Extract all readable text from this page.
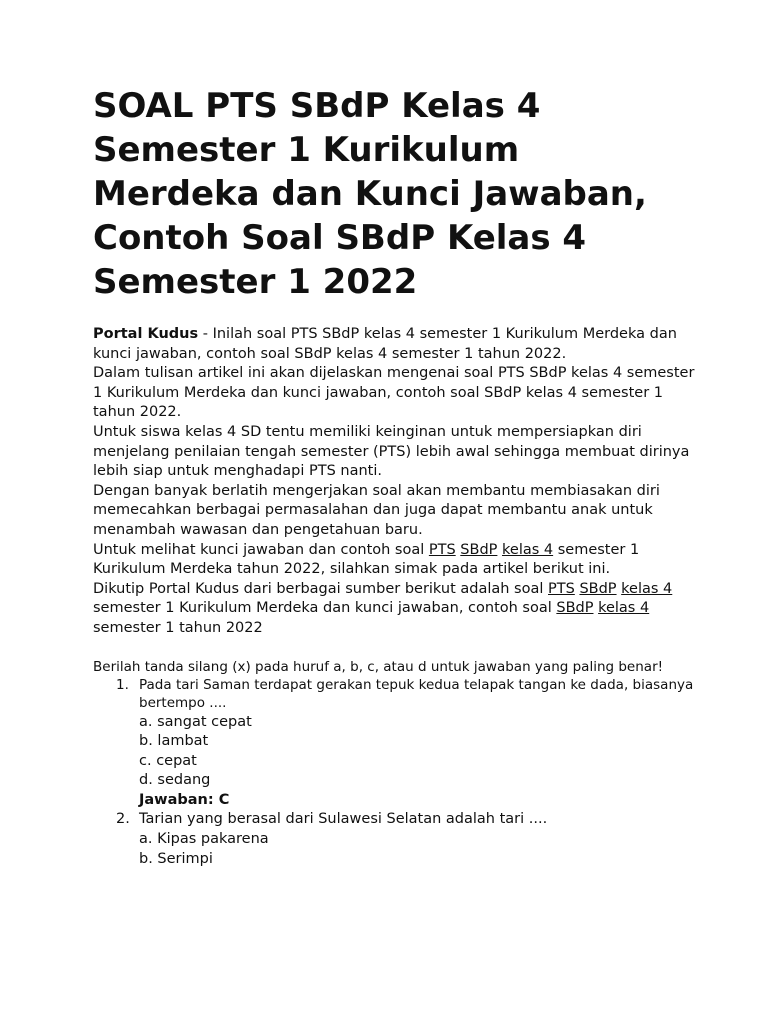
SOAL PTS SBdP Kelas 4 Semester 1 Kurikulum Merdeka dan Kunci Jawaban, Contoh Soal SBdP Kelas 4 Semester 1 2022

Portal Kudus - Inilah soal PTS SBdP kelas 4 semester 1 Kurikulum Merdeka dan kunci jawaban, contoh soal SBdP kelas 4 semester 1 tahun 2022.

Dalam tulisan artikel ini akan dijelaskan mengenai soal PTS SBdP kelas 4 semester 1 Kurikulum Merdeka dan kunci jawaban, contoh soal SBdP kelas 4 semester 1 tahun 2022.

Untuk siswa kelas 4 SD tentu memiliki keinginan untuk mempersiapkan diri menjelang penilaian tengah semester (PTS) lebih awal sehingga membuat dirinya lebih siap untuk menghadapi PTS nanti.

Dengan banyak berlatih mengerjakan soal akan membantu membiasakan diri memecahkan berbagai permasalahan dan juga dapat membantu anak untuk menambah wawasan dan pengetahuan baru.

Untuk melihat kunci jawaban dan contoh soal PTS SBdP kelas 4 semester 1 Kurikulum Merdeka tahun 2022, silahkan simak pada artikel berikut ini.

Dikutip Portal Kudus dari berbagai sumber berikut adalah soal PTS SBdP kelas 4 semester 1 Kurikulum Merdeka dan kunci jawaban, contoh soal SBdP kelas 4 semester 1 tahun 2022

Berilah tanda silang (x) pada huruf a, b, c, atau d untuk jawaban yang paling benar!
1. Pada tari Saman terdapat gerakan tepuk kedua telapak tangan ke dada, biasanya bertempo ....
a. sangat cepat
b. lambat
c. cepat
d. sedang
Jawaban: C
2. Tarian yang berasal dari Sulawesi Selatan adalah tari ....
a. Kipas pakarena
b. Serimpi
